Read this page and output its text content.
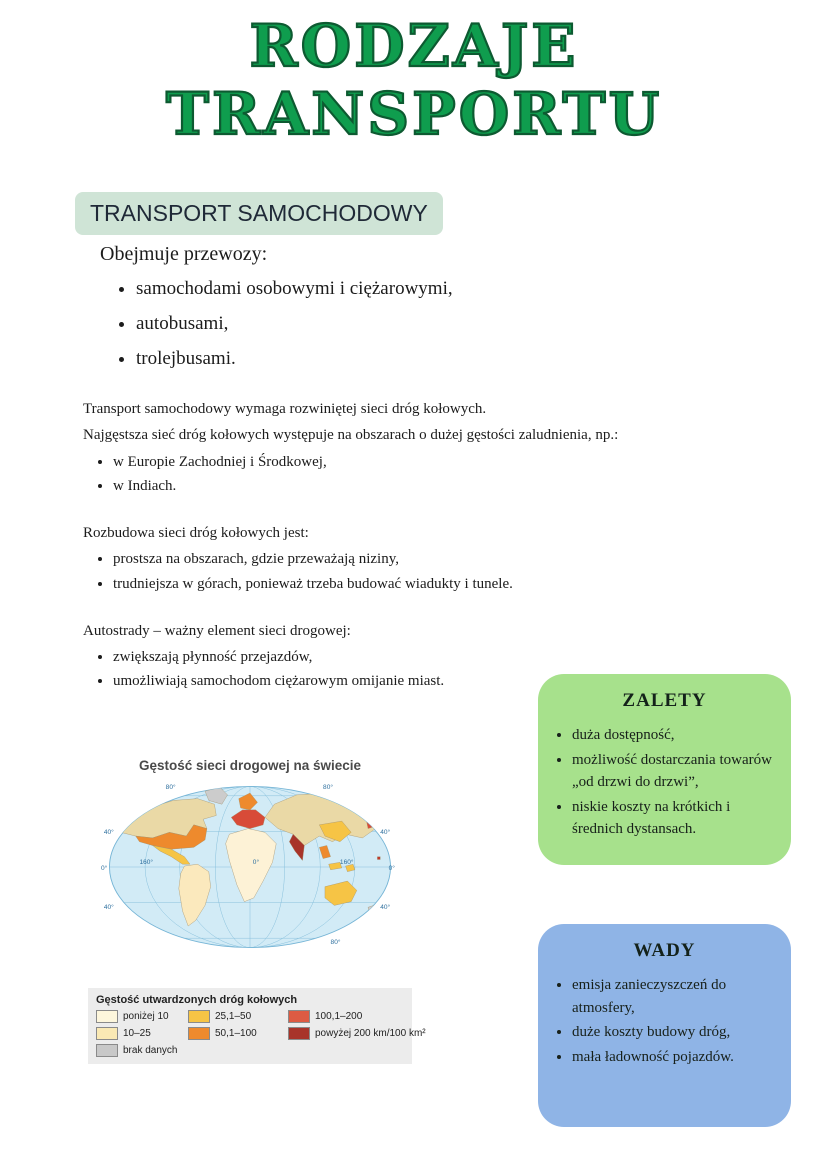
RODZAJE
TRANSPORTU
TRANSPORT SAMOCHODOWY
Obejmuje przewozy:
• samochodami osobowymi i ciężarowymi,
• autobusami,
• trolejbusami.

Transport samochodowy wymaga rozwiniętej sieci dróg kołowych.

Najgęstsza sieć dróg kołowych występuje na obszarach o dużej gęstości zaludnienia, np.:

• w Europie Zachodniej i Środkowej,
• w Indiach.

Rozbudowa sieci dróg kołowych jest:

• prostsza na obszarach, gdzie przeważają niziny,
• trudniejsza w górach, ponieważ trzeba budować wiadukty i tunele.

Autostrady – ważny element sieci drogowej:

• zwiększają płynność przejazdów,
• umożliwiają samochodom ciężarowym omijanie miast.
ZALETY
• duża dostępność,
• możliwość dostarczania towarów „od drzwi do drzwi”,
• niskie koszty na krótkich i średnich dystansach.
WADY
• emisja zanieczyszczeń do atmosfery,
• duże koszty budowy dróg,
• mała ładowność pojazdów.
Gęstość sieci drogowej na świecie
80°	80°
40°	40°
0°
160°	0°	160°
0°
40°	40°
80°
Gęstość utwardzonych dróg kołowych
poniżej 10	25,1–50	100,1–200
10–25	50,1–100	powyżej 200 km/100 km²
brak danych
